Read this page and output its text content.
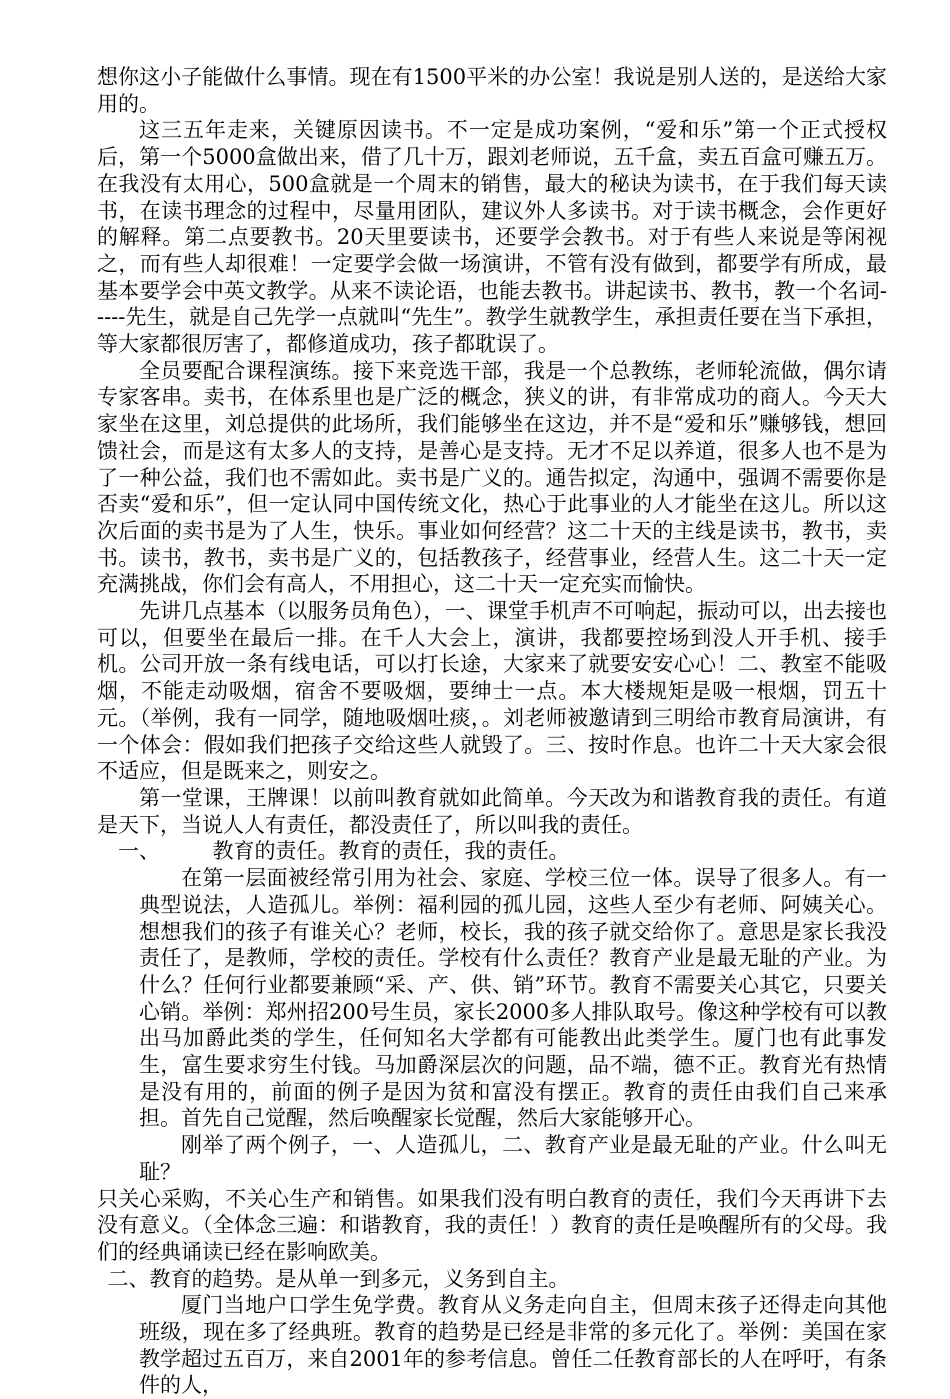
想你这小子能做什么事情。现在有1500平米的办公室！我说是别人送的，是送给大家用的。

这三五年走来，关键原因读书。不一定是成功案例，“爱和乐”第一个正式授权后，第一个5000盒做出来，借了几十万，跟刘老师说，五千盒，卖五百盒可赚五万。在我没有太用心，500盒就是一个周末的销售，最大的秘诀为读书，在于我们每天读书，在读书理念的过程中，尽量用团队，建议外人多读书。对于读书概念，会作更好的解释。第二点要教书。20天里要读书，还要学会教书。对于有些人来说是等闲视之，而有些人却很难！一定要学会做一场演讲，不管有没有做到，都要学有所成，最基本要学会中英文教学。从来不读论语，也能去教书。讲起读书、教书，教一个名词-----先生，就是自己先学一点就叫“先生”。教学生就教学生，承担责任要在当下承担，等大家都很厉害了，都修道成功，孩子都耽误了。

全员要配合课程演练。接下来竞选干部，我是一个总教练，老师轮流做，偶尔请专家客串。卖书，在体系里也是广泛的概念，狭义的讲，有非常成功的商人。今天大家坐在这里，刘总提供的此场所，我们能够坐在这边，并不是“爱和乐”赚够钱，想回馈社会，而是这有太多人的支持，是善心是支持。无才不足以养道，很多人也不是为了一种公益，我们也不需如此。卖书是广义的。通告拟定，沟通中，强调不需要你是否卖“爱和乐”，但一定认同中国传统文化，热心于此事业的人才能坐在这儿。所以这次后面的卖书是为了人生，快乐。事业如何经营？这二十天的主线是读书，教书，卖书。读书，教书，卖书是广义的，包括教孩子，经营事业，经营人生。这二十天一定充满挑战，你们会有高人，不用担心，这二十天一定充实而愉快。

先讲几点基本（以服务员角色），一、课堂手机声不可响起，振动可以，出去接也可以，但要坐在最后一排。在千人大会上，演讲，我都要控场到没人开手机、接手机。公司开放一条有线电话，可以打长途，大家来了就要安安心心！二、教室不能吸烟，不能走动吸烟，宿舍不要吸烟，要绅士一点。本大楼规矩是吸一根烟，罚五十元。（举例，我有一同学，随地吸烟吐痰，。刘老师被邀请到三明给市教育局演讲，有一个体会：假如我们把孩子交给这些人就毁了。三、按时作息。也许二十天大家会很不适应，但是既来之，则安之。

第一堂课，王牌课！以前叫教育就如此简单。今天改为和谐教育我的责任。有道是天下，当说人人有责任，都没责任了，所以叫我的责任。

一、	教育的责任。教育的责任，我的责任。

在第一层面被经常引用为社会、家庭、学校三位一体。误导了很多人。有一典型说法，人造孤儿。举例：福利园的孤儿园，这些人至少有老师、阿姨关心。想想我们的孩子有谁关心？老师，校长，我的孩子就交给你了。意思是家长我没责任了，是教师，学校的责任。学校有什么责任？教育产业是最无耻的产业。为什么？任何行业都要兼顾“采、产、供、销”环节。教育不需要关心其它，只要关心销。举例：郑州招200号生员，家长2000多人排队取号。像这种学校有可以教出马加爵此类的学生，任何知名大学都有可能教出此类学生。厦门也有此事发生，富生要求穷生付钱。马加爵深层次的问题，品不端，德不正。教育光有热情是没有用的，前面的例子是因为贫和富没有摆正。教育的责任由我们自己来承担。首先自己觉醒，然后唤醒家长觉醒，然后大家能够开心。

刚举了两个例子，一、人造孤儿，二、教育产业是最无耻的产业。什么叫无耻？

只关心采购，不关心生产和销售。如果我们没有明白教育的责任，我们今天再讲下去没有意义。（全体念三遍：和谐教育，我的责任！）教育的责任是唤醒所有的父母。我们的经典诵读已经在影响欧美。

二、教育的趋势。是从单一到多元，义务到自主。

厦门当地户口学生免学费。教育从义务走向自主，但周末孩子还得走向其他班级，现在多了经典班。教育的趋势是已经是非常的多元化了。举例：美国在家教学超过五百万，来自2001年的参考信息。曾任二任教育部长的人在呼吁，有条件的人，
